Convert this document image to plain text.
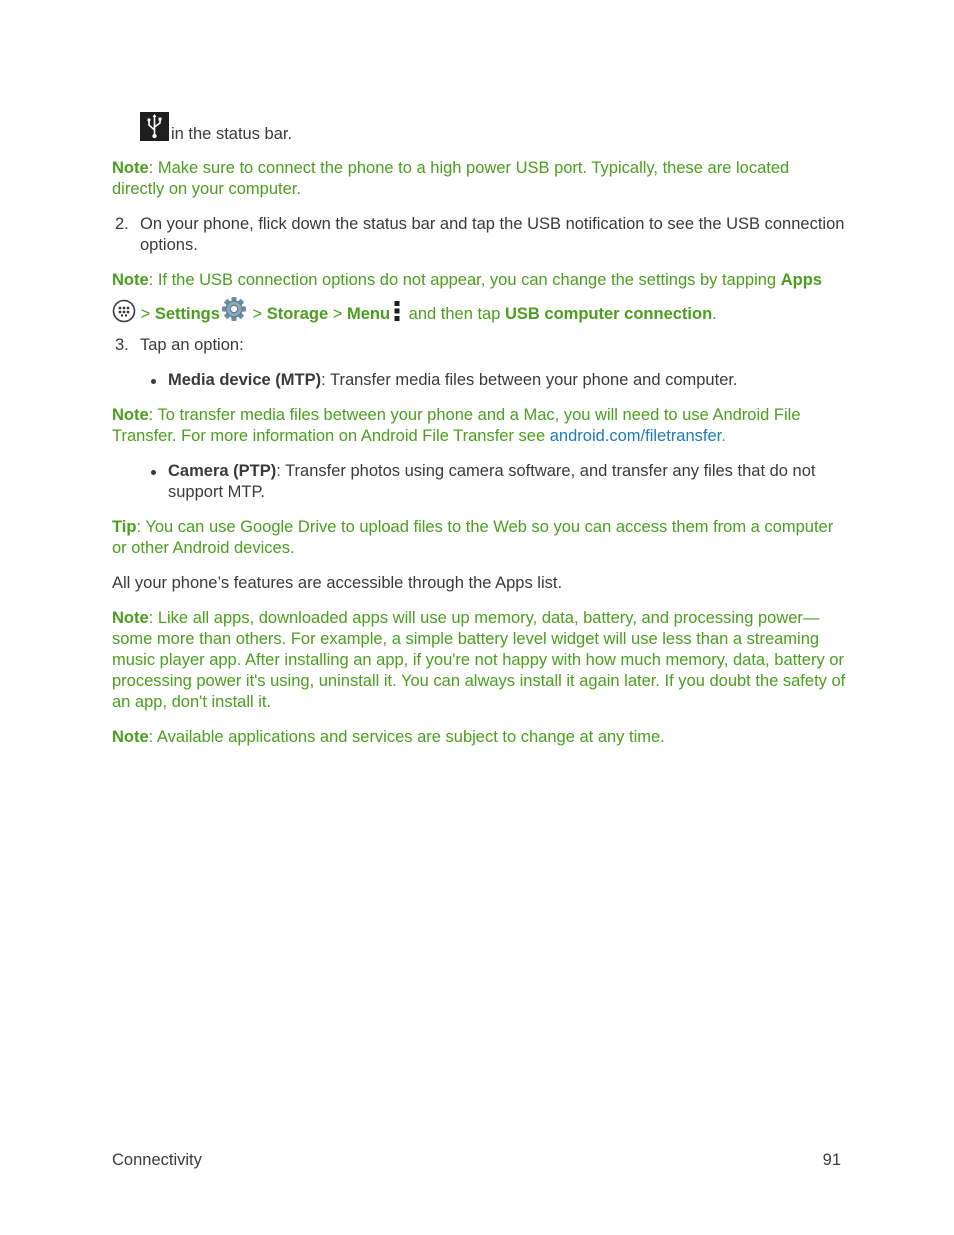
in the status bar.
Note: Make sure to connect the phone to a high power USB port. Typically, these are located
directly on your computer.
2. On your phone, flick down the status bar and tap the USB notification to see the USB connection
options.
Note: If the USB connection options do not appear, you can change the settings by tapping Apps
> Settings > Storage > Menu and then tap USB computer connection.
3. Tap an option:
Media device (MTP): Transfer media files between your phone and computer.
Note: To transfer media files between your phone and a Mac, you will need to use Android File
Transfer. For more information on Android File Transfer see android.com/filetransfer.
Camera (PTP): Transfer photos using camera software, and transfer any files that do not
support MTP.
Tip: You can use Google Drive to upload files to the Web so you can access them from a computer
or other Android devices.
All your phone’s features are accessible through the Apps list.
Note: Like all apps, downloaded apps will use up memory, data, battery, and processing power—
some more than others. For example, a simple battery level widget will use less than a streaming
music player app. After installing an app, if you're not happy with how much memory, data, battery or
processing power it's using, uninstall it. You can always install it again later. If you doubt the safety of
an app, don't install it.
Note: Available applications and services are subject to change at any time.
Connectivity	91
